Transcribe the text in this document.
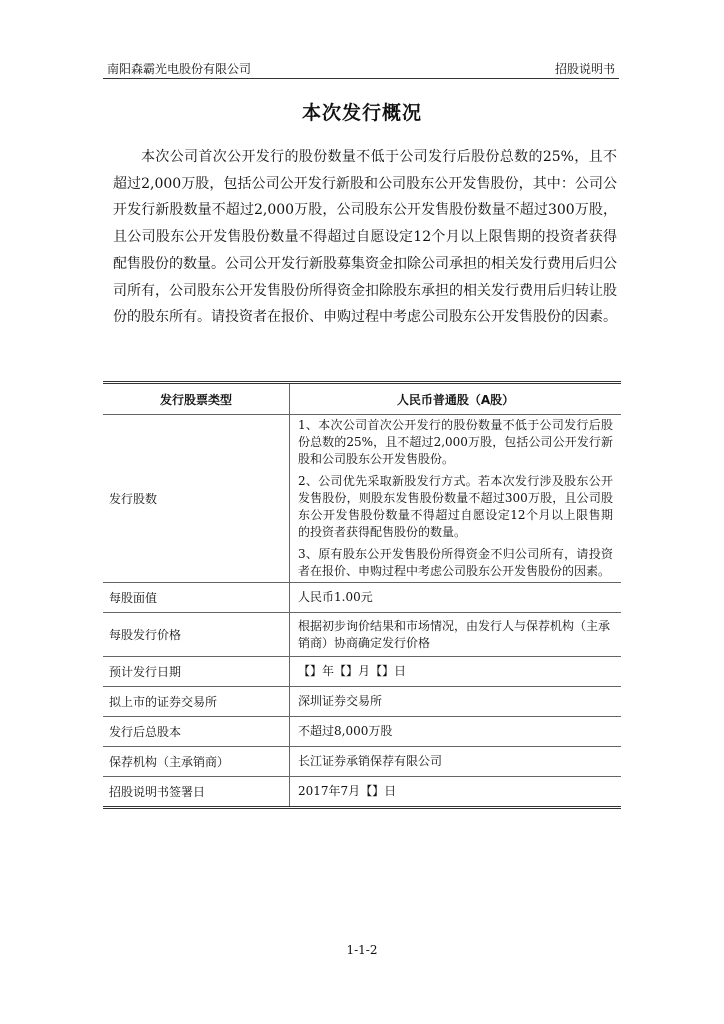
南阳森霸光电股份有限公司	招股说明书
本次发行概况

本次公司首次公开发行的股份数量不低于公司发行后股份总数的25%，且不超过2,000万股，包括公司公开发行新股和公司股东公开发售股份，其中：公司公开发行新股数量不超过2,000万股，公司股东公开发售股份数量不超过300万股，且公司股东公开发售股份数量不得超过自愿设定12个月以上限售期的投资者获得配售股份的数量。公司公开发行新股募集资金扣除公司承担的相关发行费用后归公司所有，公司股东公开发售股份所得资金扣除股东承担的相关发行费用后归转让股份的股东所有。请投资者在报价、申购过程中考虑公司股东公开发售股份的因素。

发行股票类型	人民币普通股（A股）
发行股数	1、本次公司首次公开发行的股份数量不低于公司发行后股份总数的25%，且不超过2,000万股，包括公司公开发行新股和公司股东公开发售股份。

2、公司优先采取新股发行方式。若本次发行涉及股东公开发售股份，则股东发售股份数量不超过300万股，且公司股东公开发售股份数量不得超过自愿设定12个月以上限售期的投资者获得配售股份的数量。

3、原有股东公开发售股份所得资金不归公司所有，请投资者在报价、申购过程中考虑公司股东公开发售股份的因素。

每股面值	人民币1.00元
每股发行价格	根据初步询价结果和市场情况，由发行人与保荐机构（主承销商）协商确定发行价格
预计发行日期	【】年【】月【】日
拟上市的证券交易所	深圳证券交易所
发行后总股本	不超过8,000万股
保荐机构（主承销商）	长江证券承销保荐有限公司
招股说明书签署日	2017年7月【】日
1-1-2
